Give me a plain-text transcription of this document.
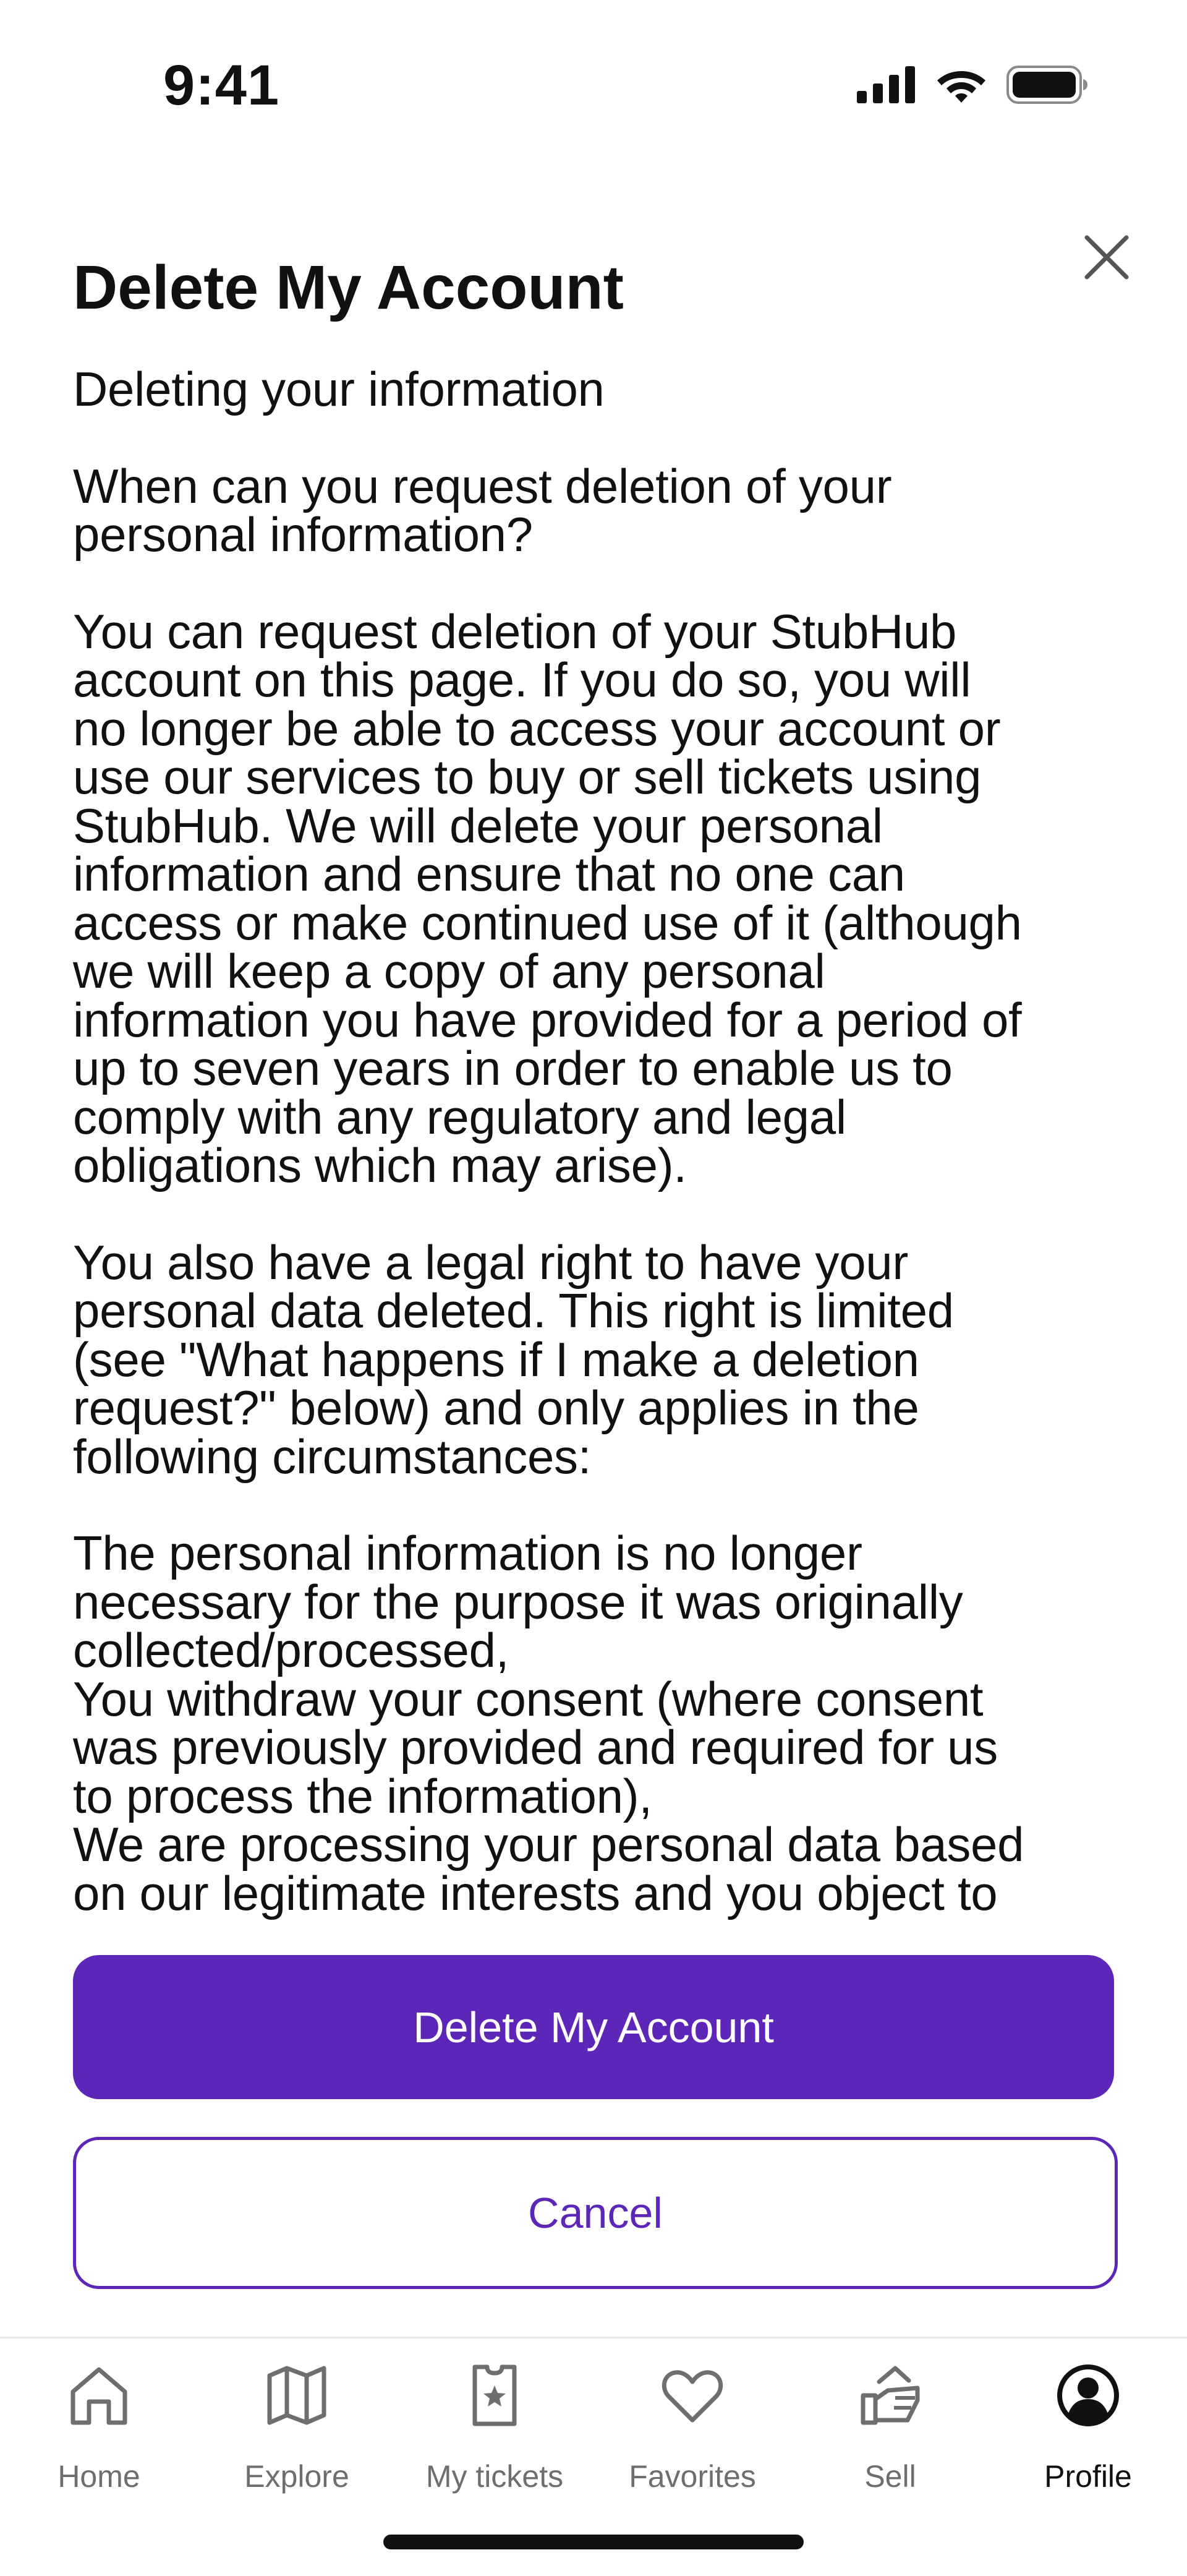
9:41
Delete My Account

Deleting your information

When can you request deletion of your

personal information?

You can request deletion of your StubHub

account on this page. If you do so, you will

no longer be able to access your account or

use our services to buy or sell tickets using

StubHub. We will delete your personal

information and ensure that no one can

access or make continued use of it (although

we will keep a copy of any personal

information you have provided for a period of

up to seven years in order to enable us to

comply with any regulatory and legal

obligations which may arise).

You also have a legal right to have your

personal data deleted. This right is limited

(see "What happens if I make a deletion

request?" below) and only applies in the

following circumstances:

The personal information is no longer

necessary for the purpose it was originally

collected/processed,

You withdraw your consent (where consent

was previously provided and required for us

to process the information),

We are processing your personal data based

on our legitimate interests and you object to

Delete My Account
Cancel
Home	Explore	My tickets	Favorites	Sell	Profile
